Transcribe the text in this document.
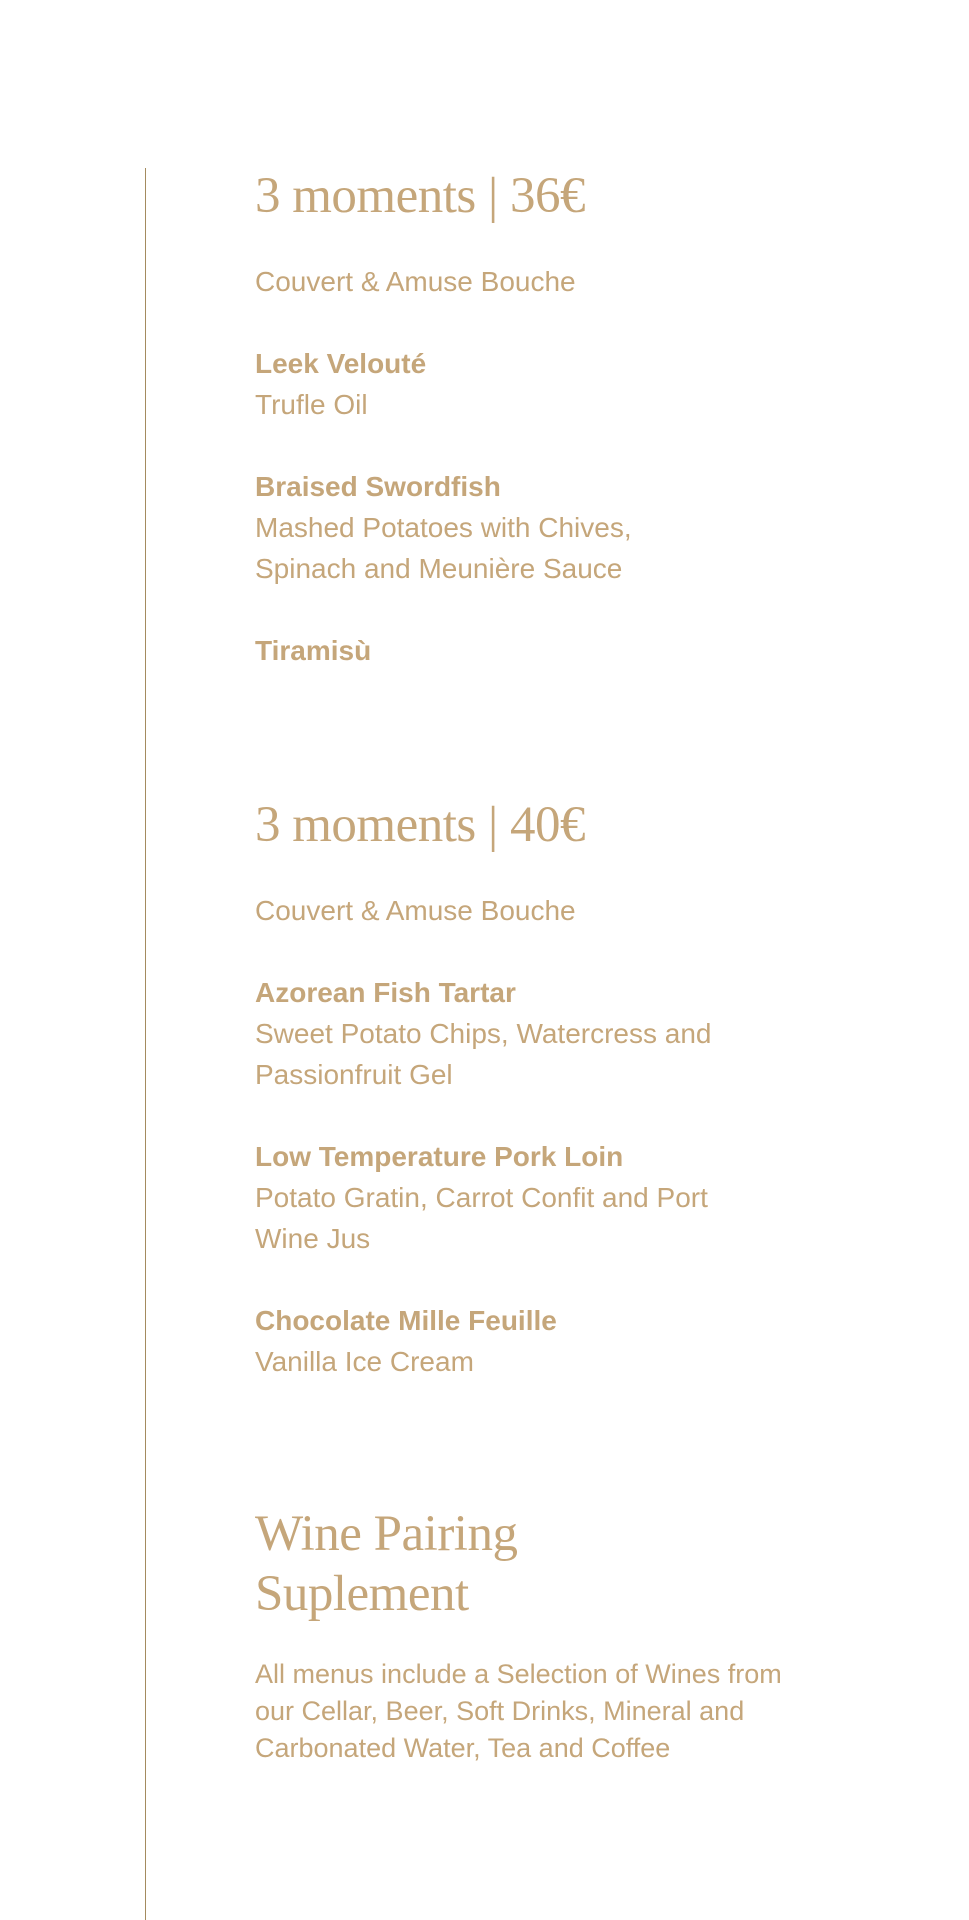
3 moments | 36€
Couvert & Amuse Bouche
Leek Velouté
Trufle Oil
Braised Swordfish
Mashed Potatoes with Chives,
Spinach and Meunière Sauce
Tiramisù
3 moments | 40€
Couvert & Amuse Bouche
Azorean Fish Tartar
Sweet Potato Chips, Watercress and
Passionfruit Gel
Low Temperature Pork Loin
Potato Gratin, Carrot Confit and Port
Wine Jus
Chocolate Mille Feuille
Vanilla Ice Cream
Wine Pairing
Suplement
All menus include a Selection of Wines from
our Cellar, Beer, Soft Drinks, Mineral and
Carbonated Water, Tea and Coffee
